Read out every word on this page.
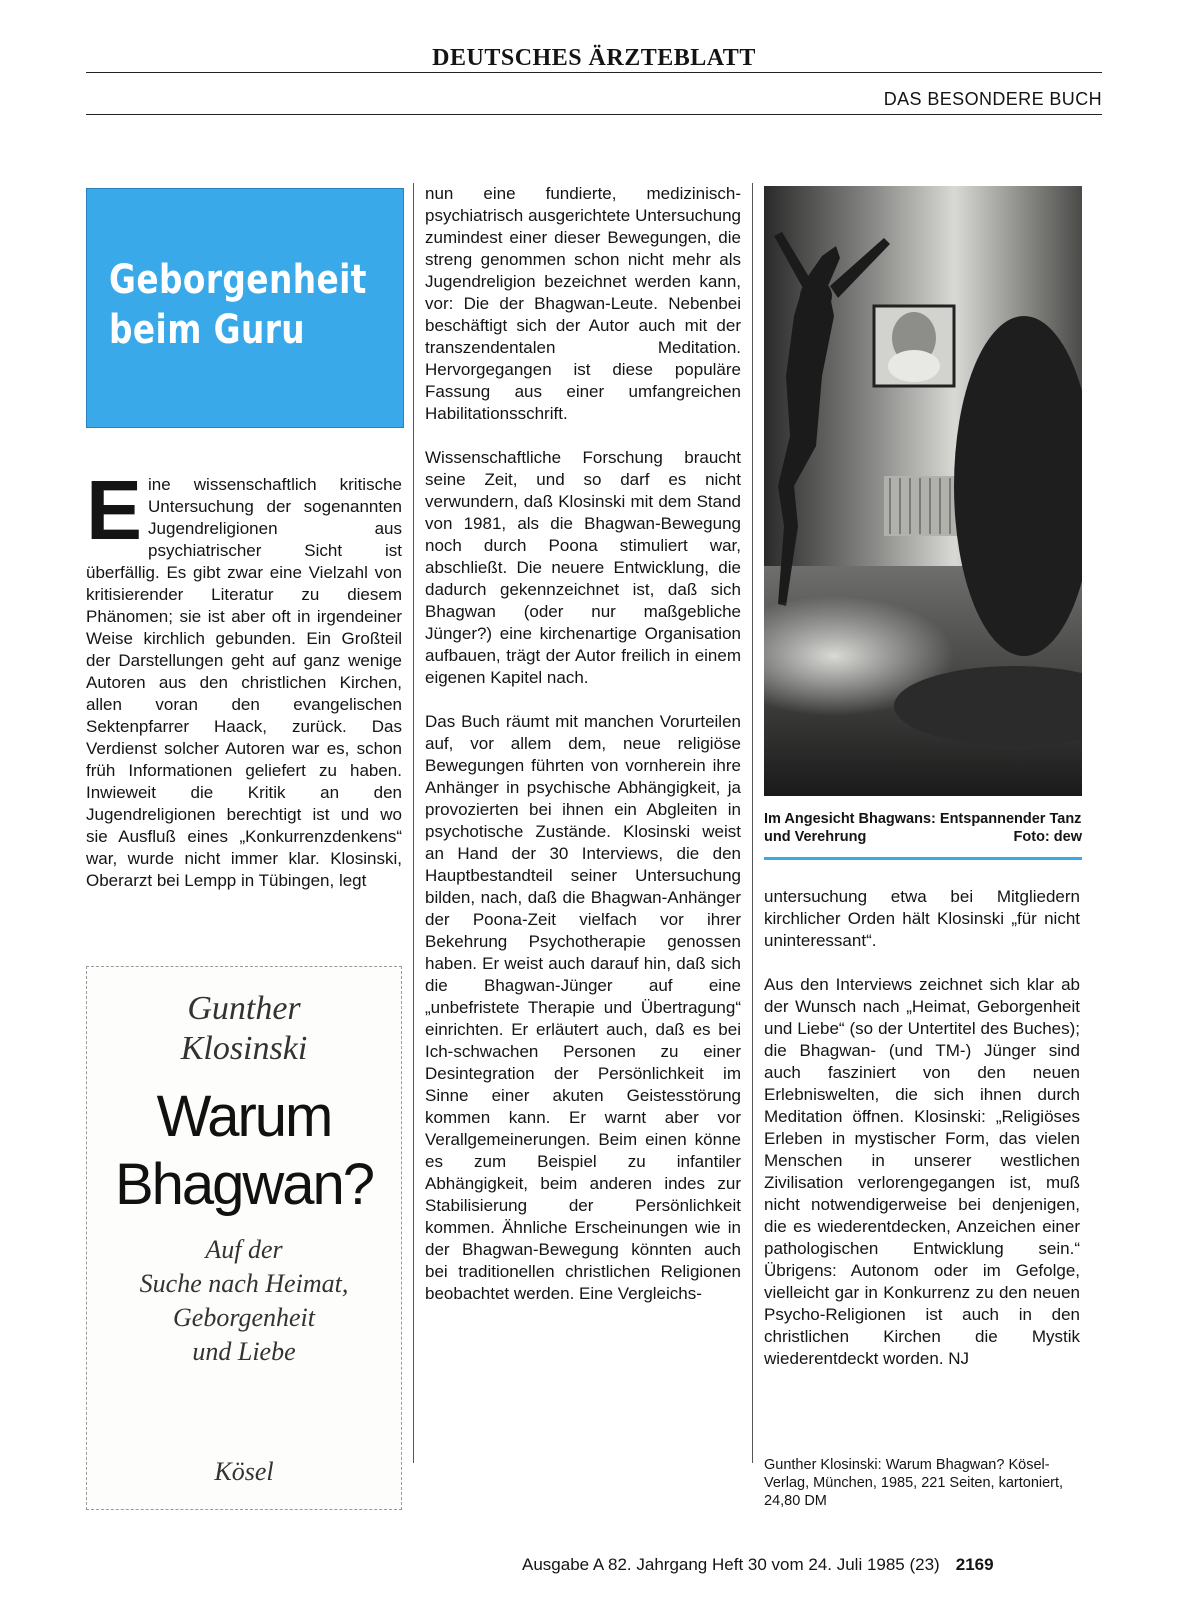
DEUTSCHES ÄRZTEBLATT
DAS BESONDERE BUCH
Geborgenheit
beim Guru

Eine wissenschaftlich kritische Untersuchung der sogenannten Jugendreligionen aus psychiatrischer Sicht ist überfällig. Es gibt zwar eine Vielzahl von kritisierender Literatur zu diesem Phänomen; sie ist aber oft in irgendeiner Weise kirchlich gebunden. Ein Großteil der Darstellungen geht auf ganz wenige Autoren aus den christlichen Kirchen, allen voran den evangelischen Sektenpfarrer Haack, zurück. Das Verdienst solcher Autoren war es, schon früh Informationen geliefert zu haben. Inwieweit die Kritik an den Jugendreligionen berechtigt ist und wo sie Ausfluß eines „Konkurrenzdenkens“ war, wurde nicht immer klar. Klosinski, Oberarzt bei Lempp in Tübingen, legt

Gunther
Klosinski
Warum
Bhagwan?
Auf der
Suche nach Heimat,
Geborgenheit
und Liebe
Kösel

nun eine fundierte, medizinisch-psychiatrisch ausgerichtete Untersuchung zumindest einer dieser Bewegungen, die streng genommen schon nicht mehr als Jugendreligion bezeichnet werden kann, vor: Die der Bhagwan-Leute. Nebenbei beschäftigt sich der Autor auch mit der transzendentalen Meditation. Hervorgegangen ist diese populäre Fassung aus einer umfangreichen Habilitationsschrift.

Wissenschaftliche Forschung braucht seine Zeit, und so darf es nicht verwundern, daß Klosinski mit dem Stand von 1981, als die Bhagwan-Bewegung noch durch Poona stimuliert war, abschließt. Die neuere Entwicklung, die dadurch gekennzeichnet ist, daß sich Bhagwan (oder nur maßgebliche Jünger?) eine kirchenartige Organisation aufbauen, trägt der Autor freilich in einem eigenen Kapitel nach.

Das Buch räumt mit manchen Vorurteilen auf, vor allem dem, neue religiöse Bewegungen führten von vornherein ihre Anhänger in psychische Abhängigkeit, ja provozierten bei ihnen ein Abgleiten in psychotische Zustände. Klosinski weist an Hand der 30 Interviews, die den Hauptbestandteil seiner Untersuchung bilden, nach, daß die Bhagwan-Anhänger der Poona-Zeit vielfach vor ihrer Bekehrung Psychotherapie genossen haben. Er weist auch darauf hin, daß sich die Bhagwan-Jünger auf eine „unbefristete Therapie und Übertragung“ einrichten. Er erläutert auch, daß es bei Ich-schwachen Personen zu einer Desintegration der Persönlichkeit im Sinne einer akuten Geistesstörung kommen kann. Er warnt aber vor Verallgemeinerungen. Beim einen könne es zum Beispiel zu infantiler Abhängigkeit, beim anderen indes zur Stabilisierung der Persönlichkeit kommen. Ähnliche Erscheinungen wie in der Bhagwan-Bewegung könnten auch bei traditionellen christlichen Religionen beobachtet werden. Eine Vergleichs-

Im Angesicht Bhagwans: Entspannender Tanz und Verehrung	Foto: dew

untersuchung etwa bei Mitgliedern kirchlicher Orden hält Klosinski „für nicht uninteressant“.

Aus den Interviews zeichnet sich klar ab der Wunsch nach „Heimat, Geborgenheit und Liebe“ (so der Untertitel des Buches); die Bhagwan- (und TM-) Jünger sind auch fasziniert von den neuen Erlebniswelten, die sich ihnen durch Meditation öffnen. Klosinski: „Religiöses Erleben in mystischer Form, das vielen Menschen in unserer westlichen Zivilisation verlorengegangen ist, muß nicht notwendigerweise bei denjenigen, die es wiederentdecken, Anzeichen einer pathologischen Entwicklung sein.“ Übrigens: Autonom oder im Gefolge, vielleicht gar in Konkurrenz zu den neuen Psycho-Religionen ist auch in den christlichen Kirchen die Mystik wiederentdeckt worden. NJ

Gunther Klosinski: Warum Bhagwan? Kösel-Verlag, München, 1985, 221 Seiten, kartoniert, 24,80 DM
Ausgabe A 82. Jahrgang Heft 30 vom 24. Juli 1985 (23) 2169
